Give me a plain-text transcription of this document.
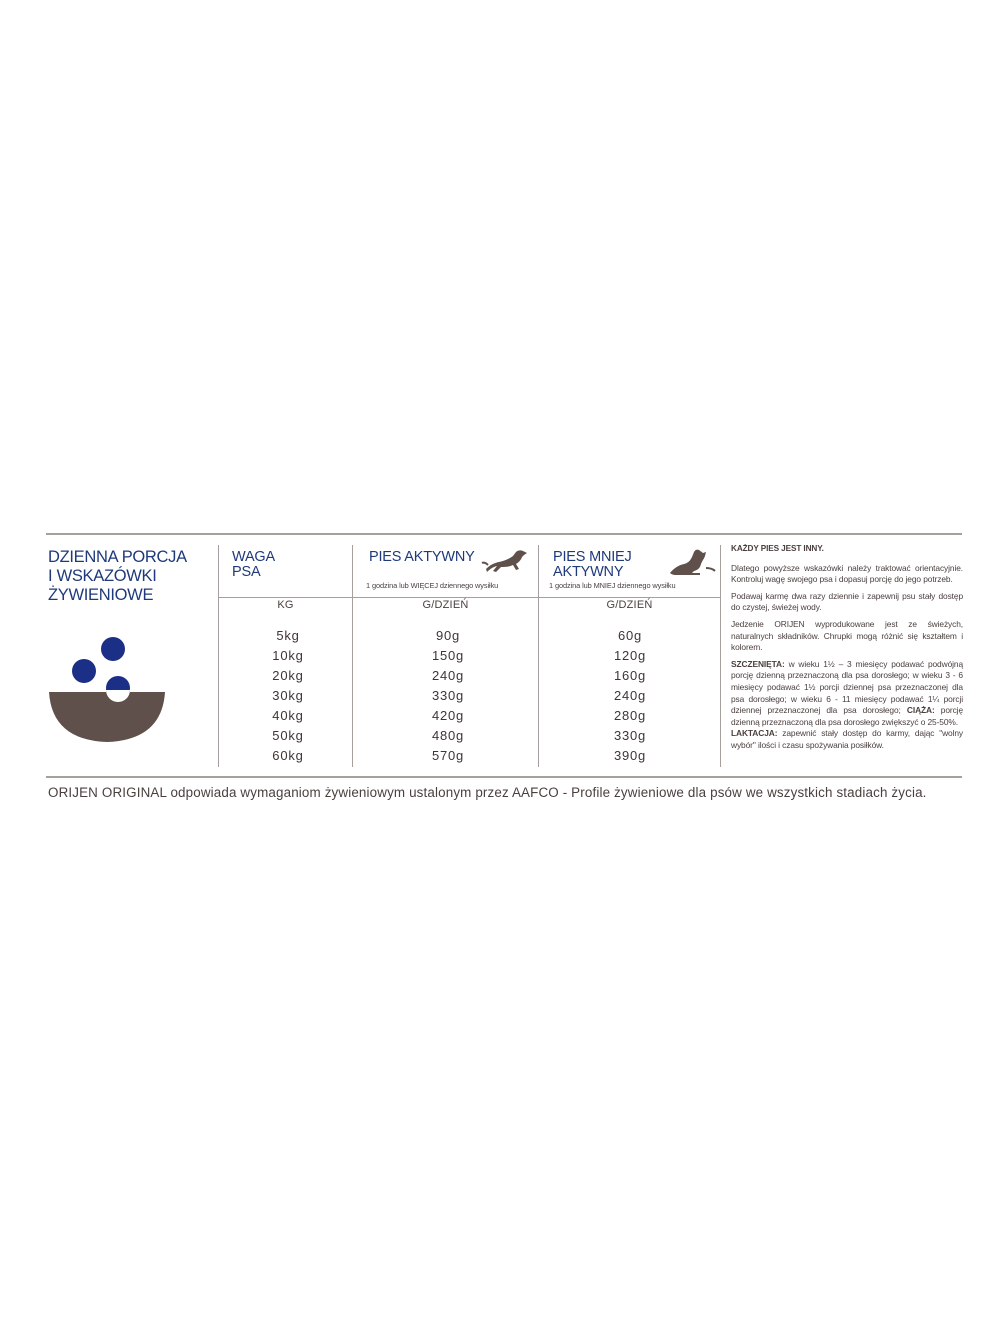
DZIENNA PORCJA
I WSKAZÓWKI
ŻYWIENIOWE
WAGA
PSA
PIES AKTYWNY
1 godzina lub WIĘCEJ dziennego wysiłku
PIES MNIEJ
AKTYWNY
1 godzina lub MNIEJ dziennego wysiłku
KG	G/DZIEŃ	G/DZIEŃ
5kg
10kg
20kg
30kg
40kg
50kg
60kg
90g
150g
240g
330g
420g
480g
570g
60g
120g
160g
240g
280g
330g
390g

KAŻDY PIES JEST INNY.

Dlatego powyższe wskazówki należy traktować orientacyjnie. Kontroluj wagę swojego psa i dopasuj porcję do jego potrzeb.

Podawaj karmę dwa razy dziennie i zapewnij psu stały dostęp do czystej, świeżej wody.

Jedzenie ORIJEN wyprodukowane jest ze świeżych, naturalnych składników. Chrupki mogą różnić się kształtem i kolorem.

SZCZENIĘTA: w wieku 1½ – 3 miesięcy podawać podwójną porcję dzienną przeznaczoną dla psa dorosłego; w wieku 3 - 6 miesięcy podawać 1½ porcji dziennej psa przeznaczonej dla psa dorosłego; w wieku 6 - 11 miesięcy podawać 1¼ porcji dziennej przeznaczonej dla psa dorosłego; CIĄŻA: porcję dzienną przeznaczoną dla psa dorosłego zwiększyć o 25-50%.

LAKTACJA: zapewnić stały dostęp do karmy, dając "wolny wybór" ilości i czasu spożywania posiłków.

ORIJEN ORIGINAL odpowiada wymaganiom żywieniowym ustalonym przez AAFCO - Profile żywieniowe dla psów we wszystkich stadiach życia.
